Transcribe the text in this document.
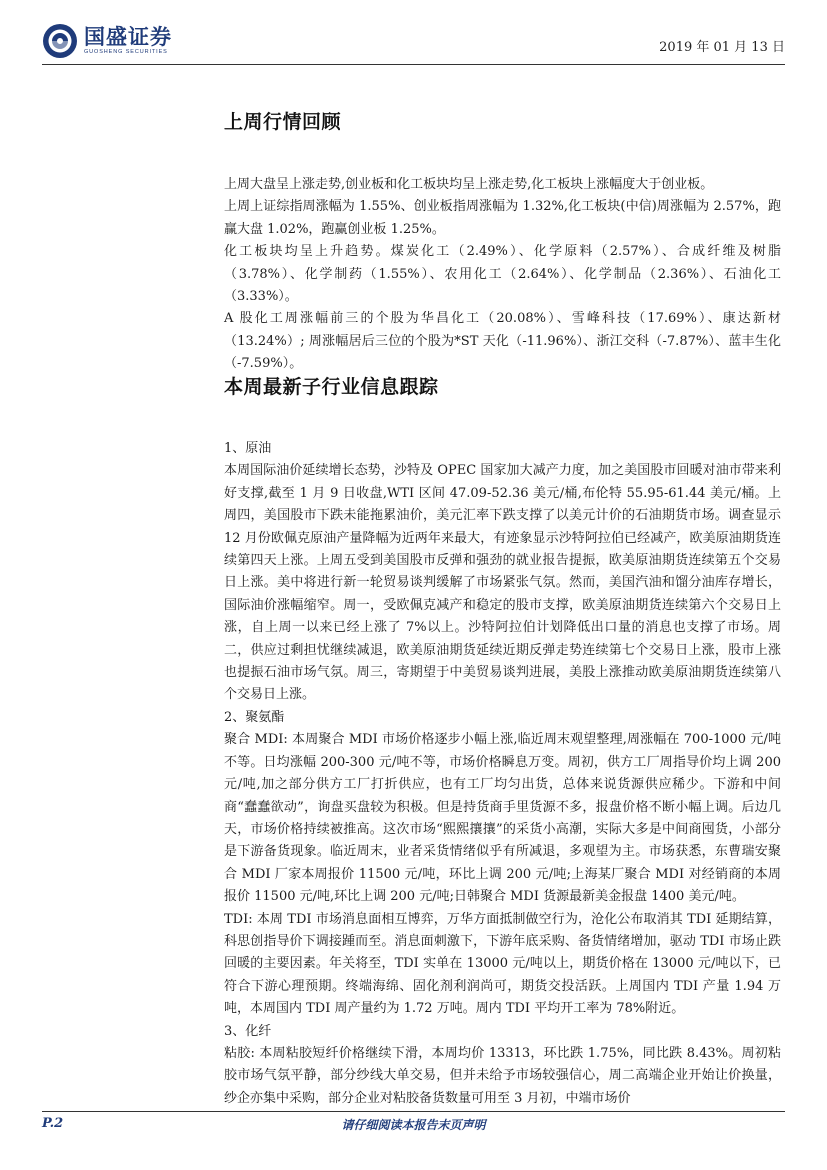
国盛证券
GUOSHENG SECURITIES	2019 年 01 月 13 日
上周行情回顾

上周大盘呈上涨走势,创业板和化工板块均呈上涨走势,化工板块上涨幅度大于创业板。

上周上证综指周涨幅为 1.55%、创业板指周涨幅为 1.32%,化工板块(中信)周涨幅为 2.57%，跑赢大盘 1.02%，跑赢创业板 1.25%。

化工板块均呈上升趋势。煤炭化工（2.49%）、化学原料（2.57%）、合成纤维及树脂（3.78%）、化学制药（1.55%）、农用化工（2.64%）、化学制品（2.36%）、石油化工（3.33%）。

A 股化工周涨幅前三的个股为华昌化工（20.08%）、雪峰科技（17.69%）、康达新材（13.24%）; 周涨幅居后三位的个股为*ST 天化（-11.96%）、浙江交科（-7.87%）、蓝丰生化（-7.59%）。

本周最新子行业信息跟踪

1、原油

本周国际油价延续增长态势，沙特及 OPEC 国家加大减产力度，加之美国股市回暖对油市带来利好支撑,截至 1 月 9 日收盘,WTI 区间 47.09-52.36 美元/桶,布伦特 55.95-61.44 美元/桶。上周四，美国股市下跌未能拖累油价，美元汇率下跌支撑了以美元计价的石油期货市场。调查显示 12 月份欧佩克原油产量降幅为近两年来最大，有迹象显示沙特阿拉伯已经减产，欧美原油期货连续第四天上涨。上周五受到美国股市反弹和强劲的就业报告提振，欧美原油期货连续第五个交易日上涨。美中将进行新一轮贸易谈判缓解了市场紧张气氛。然而，美国汽油和馏分油库存增长，国际油价涨幅缩窄。周一，受欧佩克减产和稳定的股市支撑，欧美原油期货连续第六个交易日上涨，自上周一以来已经上涨了 7%以上。沙特阿拉伯计划降低出口量的消息也支撑了市场。周二，供应过剩担忧继续减退，欧美原油期货延续近期反弹走势连续第七个交易日上涨，股市上涨也提振石油市场气氛。周三，寄期望于中美贸易谈判进展，美股上涨推动欧美原油期货连续第八个交易日上涨。

2、聚氨酯

聚合 MDI: 本周聚合 MDI 市场价格逐步小幅上涨,临近周末观望整理,周涨幅在 700-1000 元/吨不等。日均涨幅 200-300 元/吨不等，市场价格瞬息万变。周初，供方工厂周指导价均上调 200 元/吨,加之部分供方工厂打折供应，也有工厂均匀出货，总体来说货源供应稀少。下游和中间商“蠢蠢欲动”，询盘买盘较为积极。但是持货商手里货源不多，报盘价格不断小幅上调。后边几天，市场价格持续被推高。这次市场“熙熙攘攘”的采货小高潮，实际大多是中间商囤货，小部分是下游备货现象。临近周末，业者采货情绪似乎有所减退，多观望为主。市场获悉，东曹瑞安聚合 MDI 厂家本周报价 11500 元/吨，环比上调 200 元/吨;上海某厂聚合 MDI 对经销商的本周报价 11500 元/吨,环比上调 200 元/吨;日韩聚合 MDI 货源最新美金报盘 1400 美元/吨。

TDI: 本周 TDI 市场消息面相互博弈，万华方面抵制做空行为，沧化公布取消其 TDI 延期结算，科思创指导价下调接踵而至。消息面刺激下，下游年底采购、备货情绪增加，驱动 TDI 市场止跌回暖的主要因素。年关将至，TDI 实单在 13000 元/吨以上，期货价格在 13000 元/吨以下，已符合下游心理预期。终端海绵、固化剂利润尚可，期货交投活跃。上周国内 TDI 产量 1.94 万吨，本周国内 TDI 周产量约为 1.72 万吨。周内 TDI 平均开工率为 78%附近。

3、化纤

粘胶: 本周粘胶短纤价格继续下滑，本周均价 13313，环比跌 1.75%，同比跌 8.43%。周初粘胶市场气氛平静，部分纱线大单交易，但并未给予市场较强信心，周二高端企业开始让价换量，纱企亦集中采购，部分企业对粘胶备货数量可用至 3 月初，中端市场价

P.2	请仔细阅读本报告末页声明
